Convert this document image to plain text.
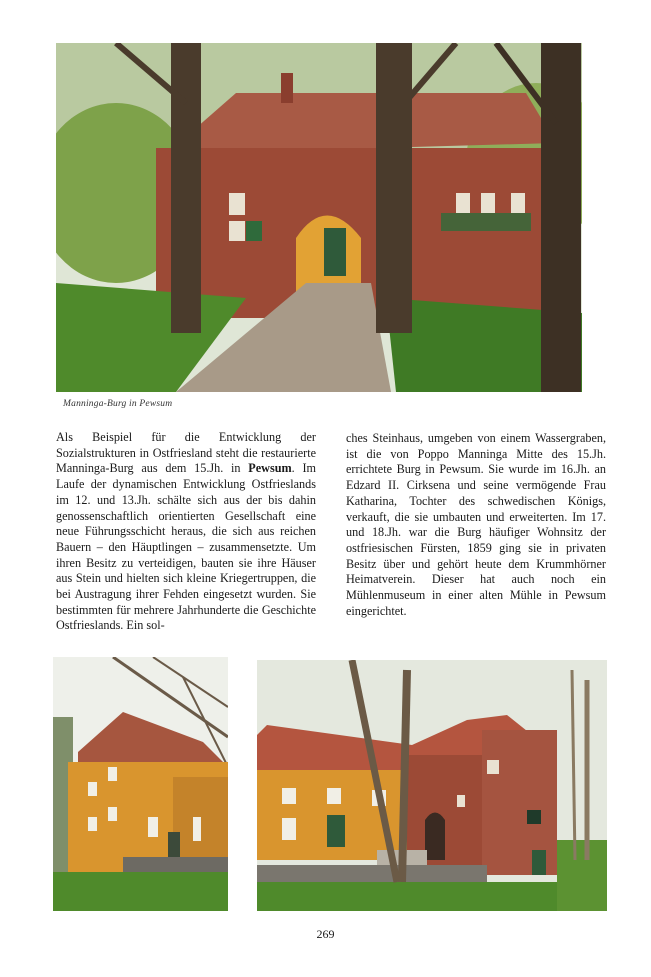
Manninga-Burg in Pewsum

Als Beispiel für die Entwicklung der Sozialstrukturen in Ostfriesland steht die restaurierte Manninga-Burg aus dem 15.Jh. in Pewsum. Im Laufe der dynamischen Entwicklung Ostfrieslands im 12. und 13.Jh. schälte sich aus der bis dahin genossenschaftlich orientierten Gesellschaft eine neue Führungsschicht heraus, die sich aus reichen Bauern – den Häuptlingen – zusammensetzte. Um ihren Besitz zu verteidigen, bauten sie ihre Häuser aus Stein und hielten sich kleine Kriegertruppen, die bei Austragung ihrer Fehden eingesetzt wurden. Sie bestimmten für mehrere Jahrhunderte die Geschichte Ostfrieslands. Ein sol-

ches Steinhaus, umgeben von einem Wassergraben, ist die von Poppo Manninga Mitte des 15.Jh. errichtete Burg in Pewsum. Sie wurde im 16.Jh. an Edzard II. Cirksena und seine vermögende Frau Katharina, Tochter des schwedischen Königs, verkauft, die sie umbauten und erweiterten. Im 17. und 18.Jh. war die Burg häufiger Wohnsitz der ostfriesischen Fürsten, 1859 ging sie in privaten Besitz über und gehört heute dem Krummhörner Heimatverein. Dieser hat auch noch ein Mühlenmuseum in einer alten Mühle in Pewsum eingerichtet.

269
